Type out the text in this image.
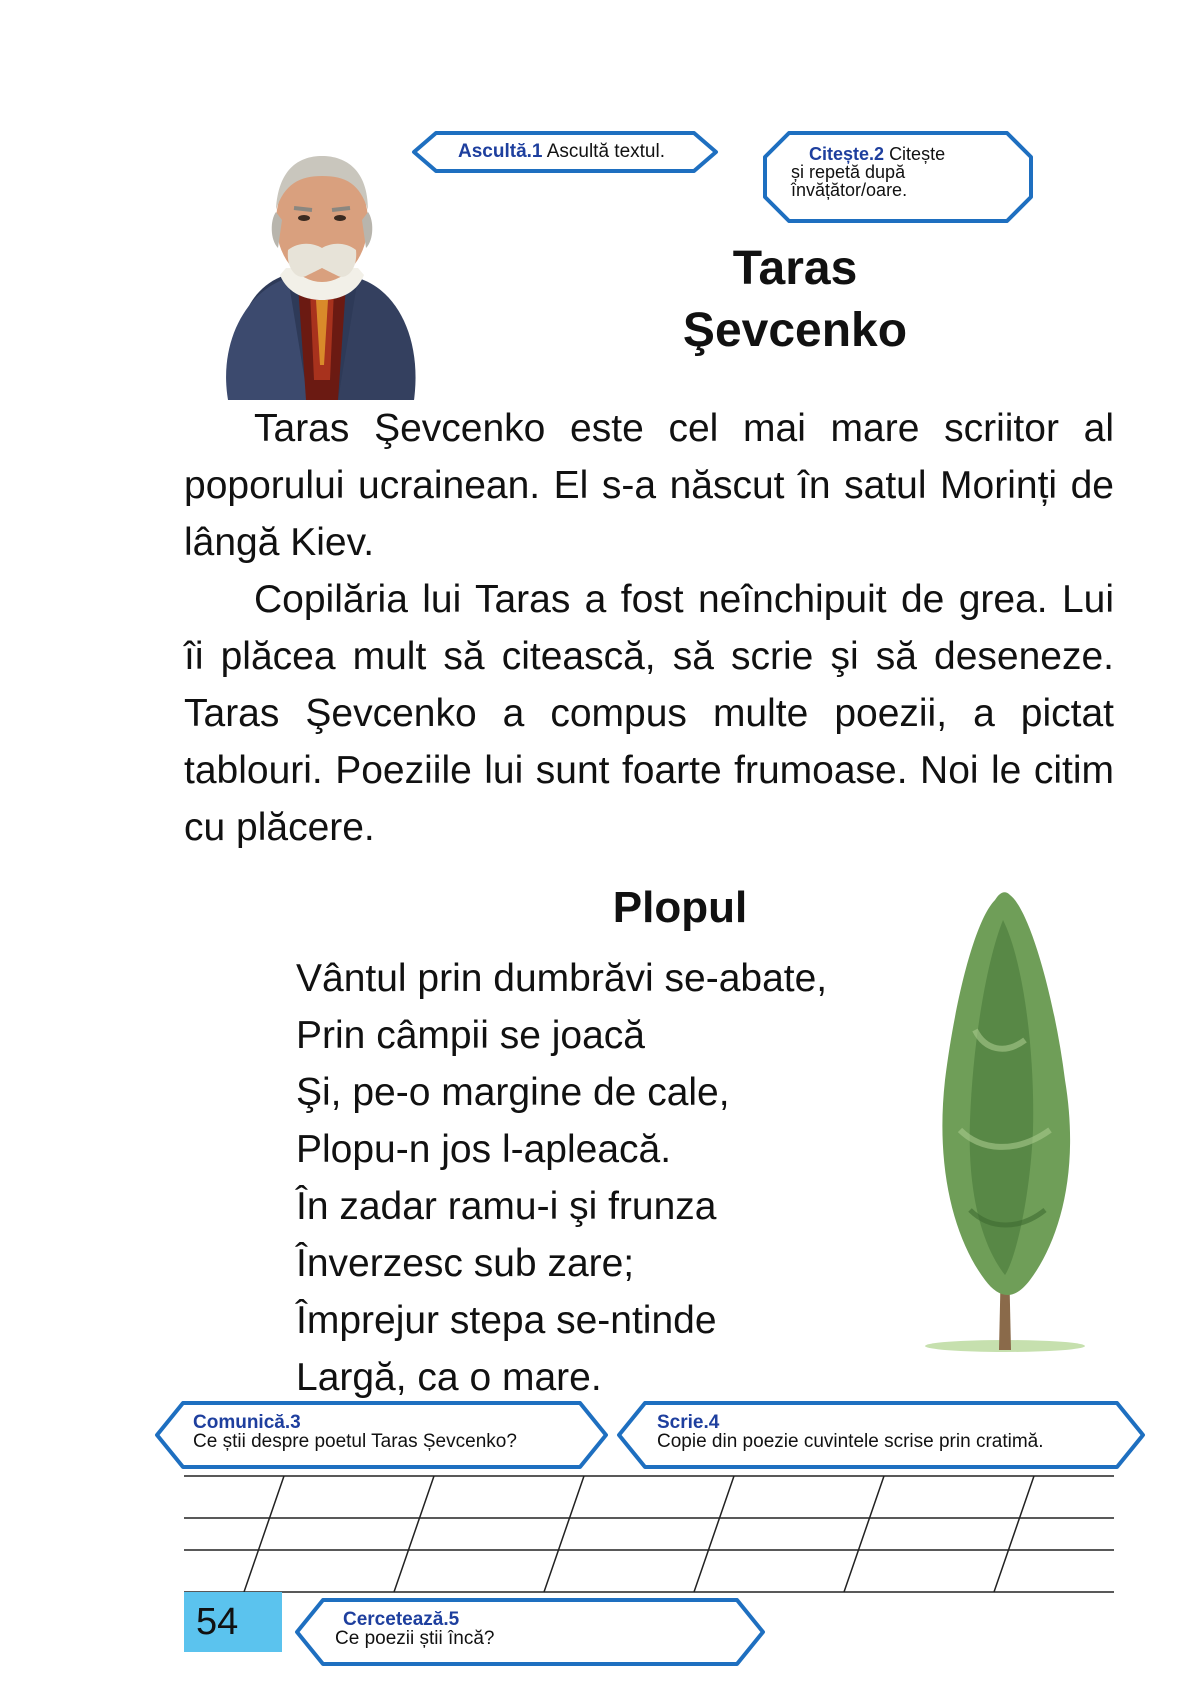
Ascultă.1 Ascultă textul.	Citește.2 Citește
și repetă după
învățător/oare.
Taras
Şevcenko

Taras Şevcenko este cel mai mare scriitor al poporului ucrainean. El s-a născut în satul Morinți de lângă Kiev.

Copilăria lui Taras a fost neînchipuit de grea. Lui îi plăcea mult să citească, să scrie şi să deseneze. Taras Şevcenko a compus multe poezii, a pictat tablouri. Poeziile lui sunt foarte frumoase. Noi le citim cu plăcere.

Plopul
Vântul prin dumbrăvi se-abate,
Prin câmpii se joacă
Şi, pe-o margine de cale,
Plopu-n jos l-apleacă.
În zadar ramu-i şi frunza
Înverzesc sub zare;
Împrejur stepa se-ntinde
Largă, ca o mare.
Comunică.3
Ce știi despre poetul Taras Șevcenko?
Scrie.4
Copie din poezie cuvintele scrise prin cratimă.
54	Cercetează.5
Ce poezii știi încă?
